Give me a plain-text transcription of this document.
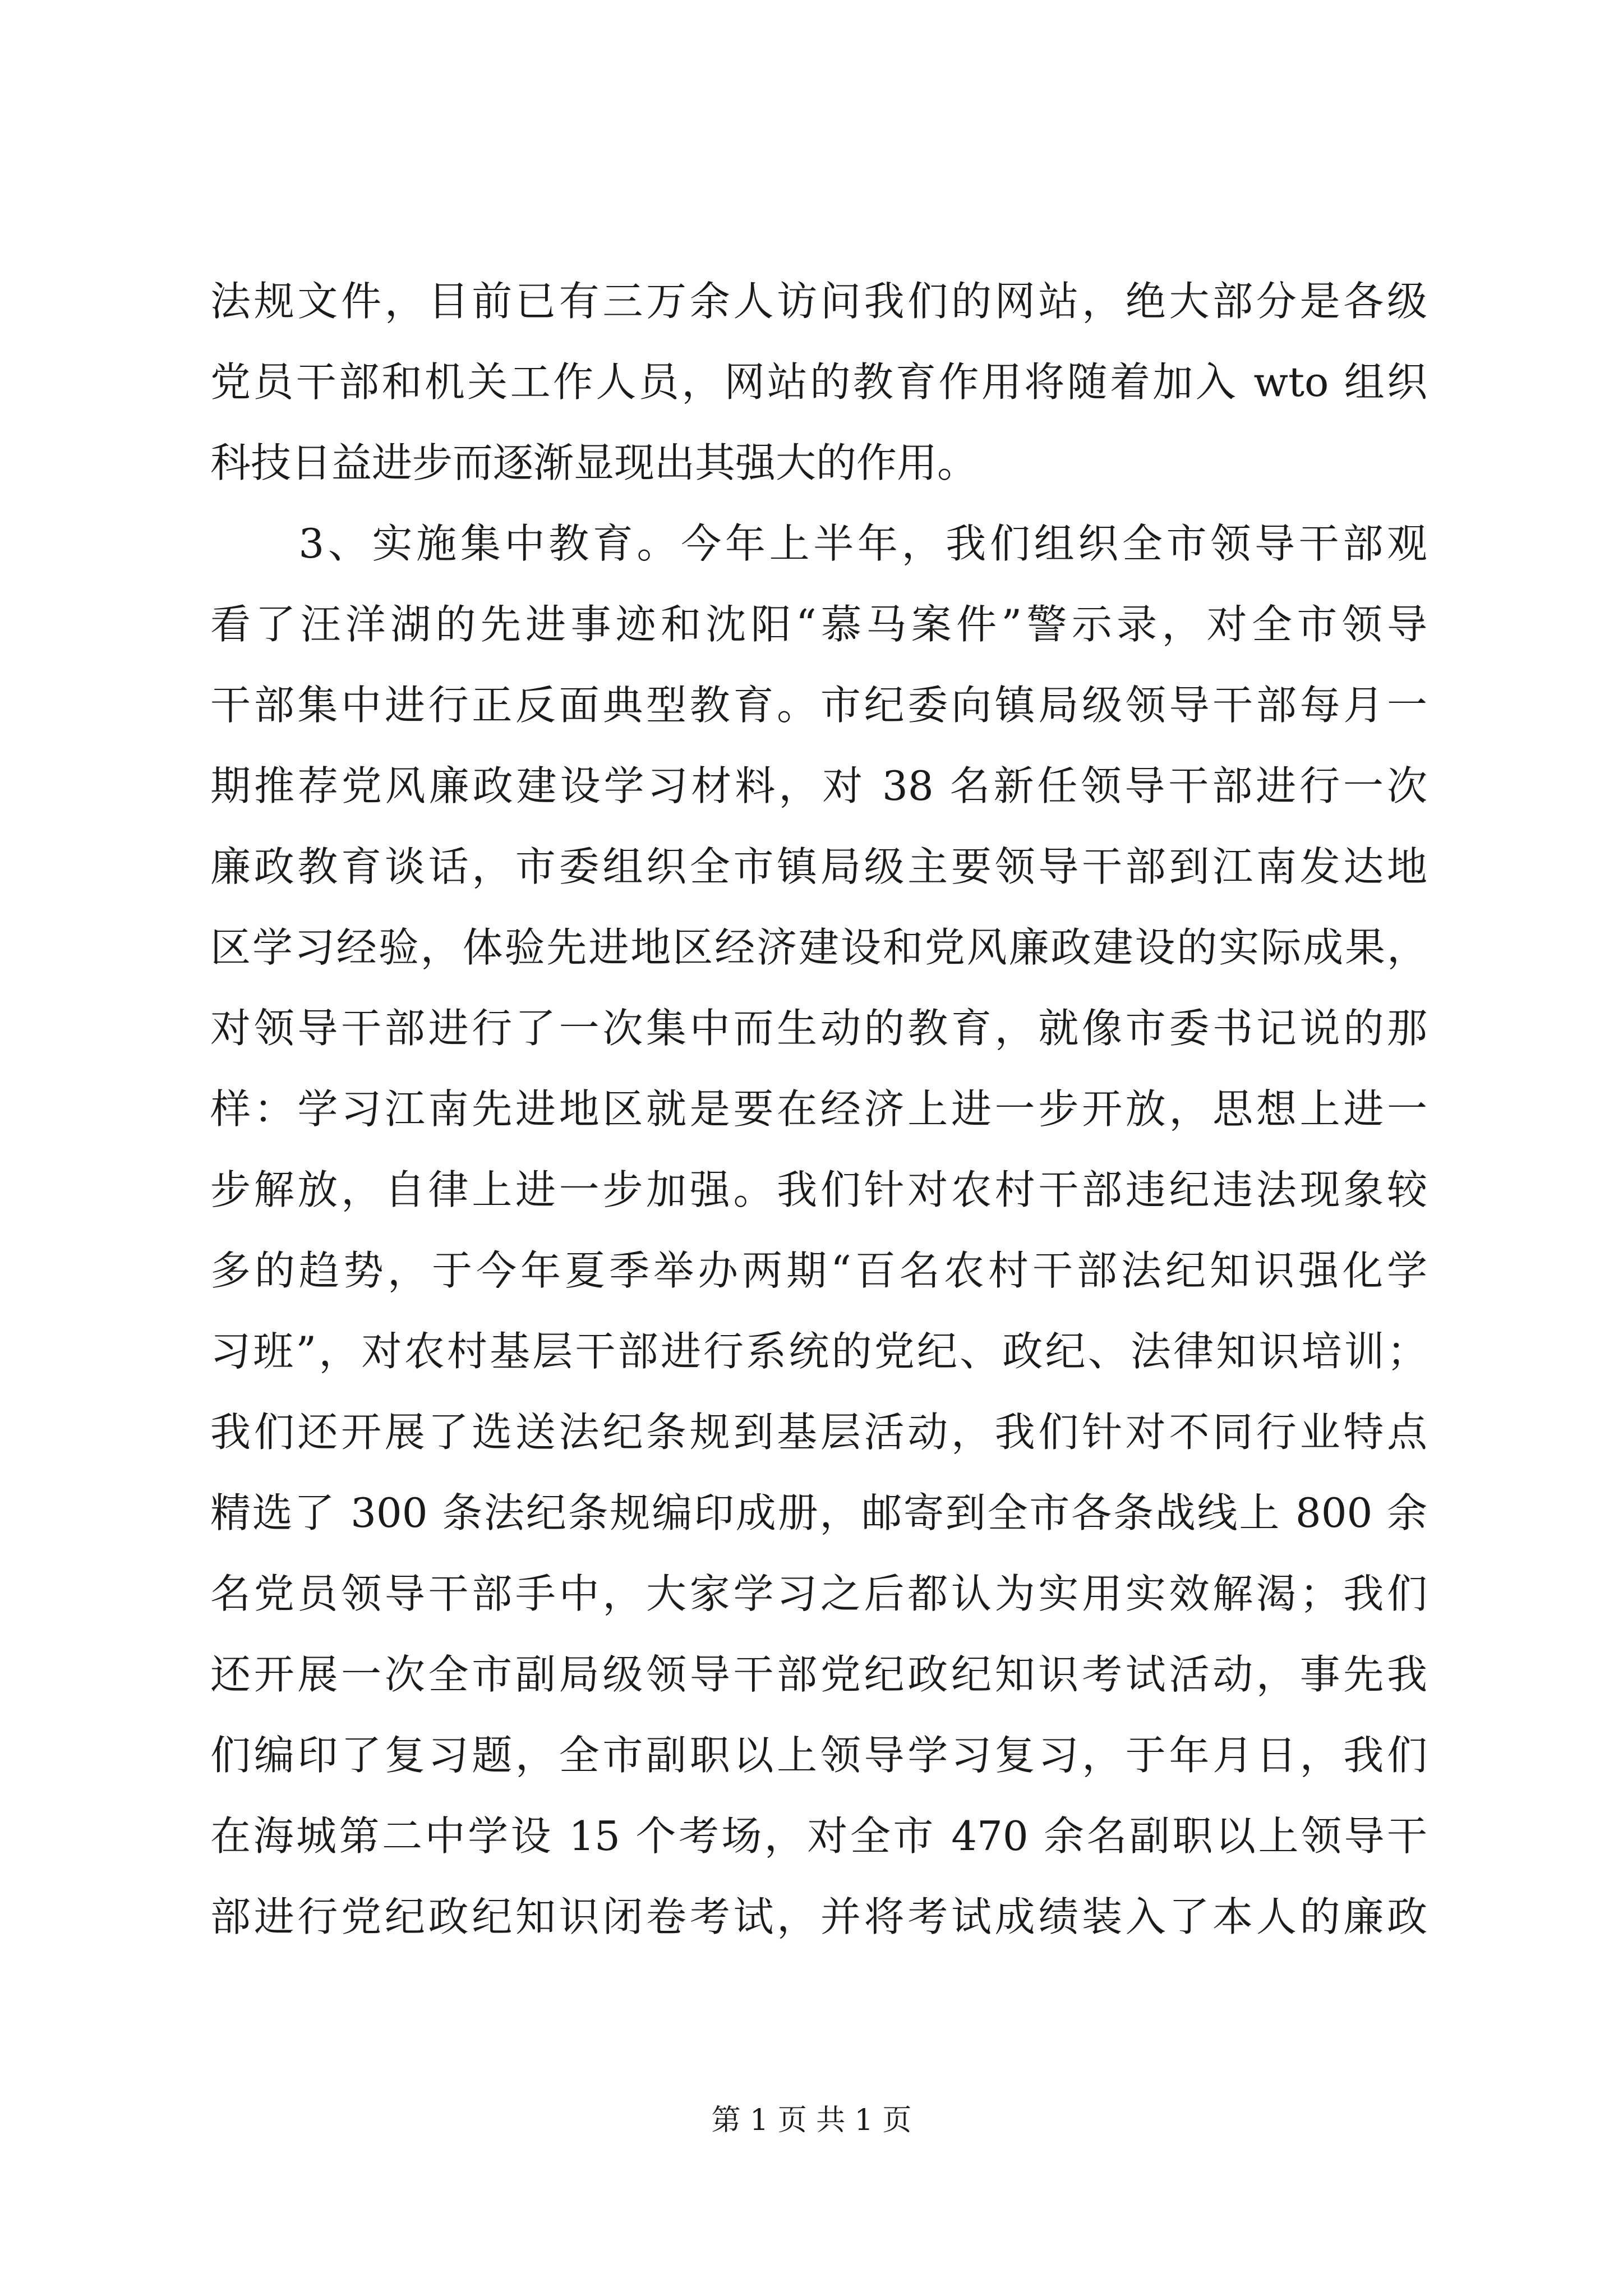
法规文件，目前已有三万余人访问我们的网站，绝大部分是各级
党员干部和机关工作人员，网站的教育作用将随着加入 wto 组织
科技日益进步而逐渐显现出其强大的作用。
　　3、实施集中教育。今年上半年，我们组织全市领导干部观
看了汪洋湖的先进事迹和沈阳“慕马案件”警示录，对全市领导
干部集中进行正反面典型教育。市纪委向镇局级领导干部每月一
期推荐党风廉政建设学习材料，对 38 名新任领导干部进行一次
廉政教育谈话，市委组织全市镇局级主要领导干部到江南发达地
区学习经验，体验先进地区经济建设和党风廉政建设的实际成果，
对领导干部进行了一次集中而生动的教育，就像市委书记说的那
样：学习江南先进地区就是要在经济上进一步开放，思想上进一
步解放，自律上进一步加强。我们针对农村干部违纪违法现象较
多的趋势，于今年夏季举办两期“百名农村干部法纪知识强化学
习班”，对农村基层干部进行系统的党纪、政纪、法律知识培训；
我们还开展了选送法纪条规到基层活动，我们针对不同行业特点
精选了 300 条法纪条规编印成册，邮寄到全市各条战线上 800 余
名党员领导干部手中，大家学习之后都认为实用实效解渴；我们
还开展一次全市副局级领导干部党纪政纪知识考试活动，事先我
们编印了复习题，全市副职以上领导学习复习，于年月日，我们
在海城第二中学设 15 个考场，对全市 470 余名副职以上领导干
部进行党纪政纪知识闭卷考试，并将考试成绩装入了本人的廉政
第 1 页 共 1 页
